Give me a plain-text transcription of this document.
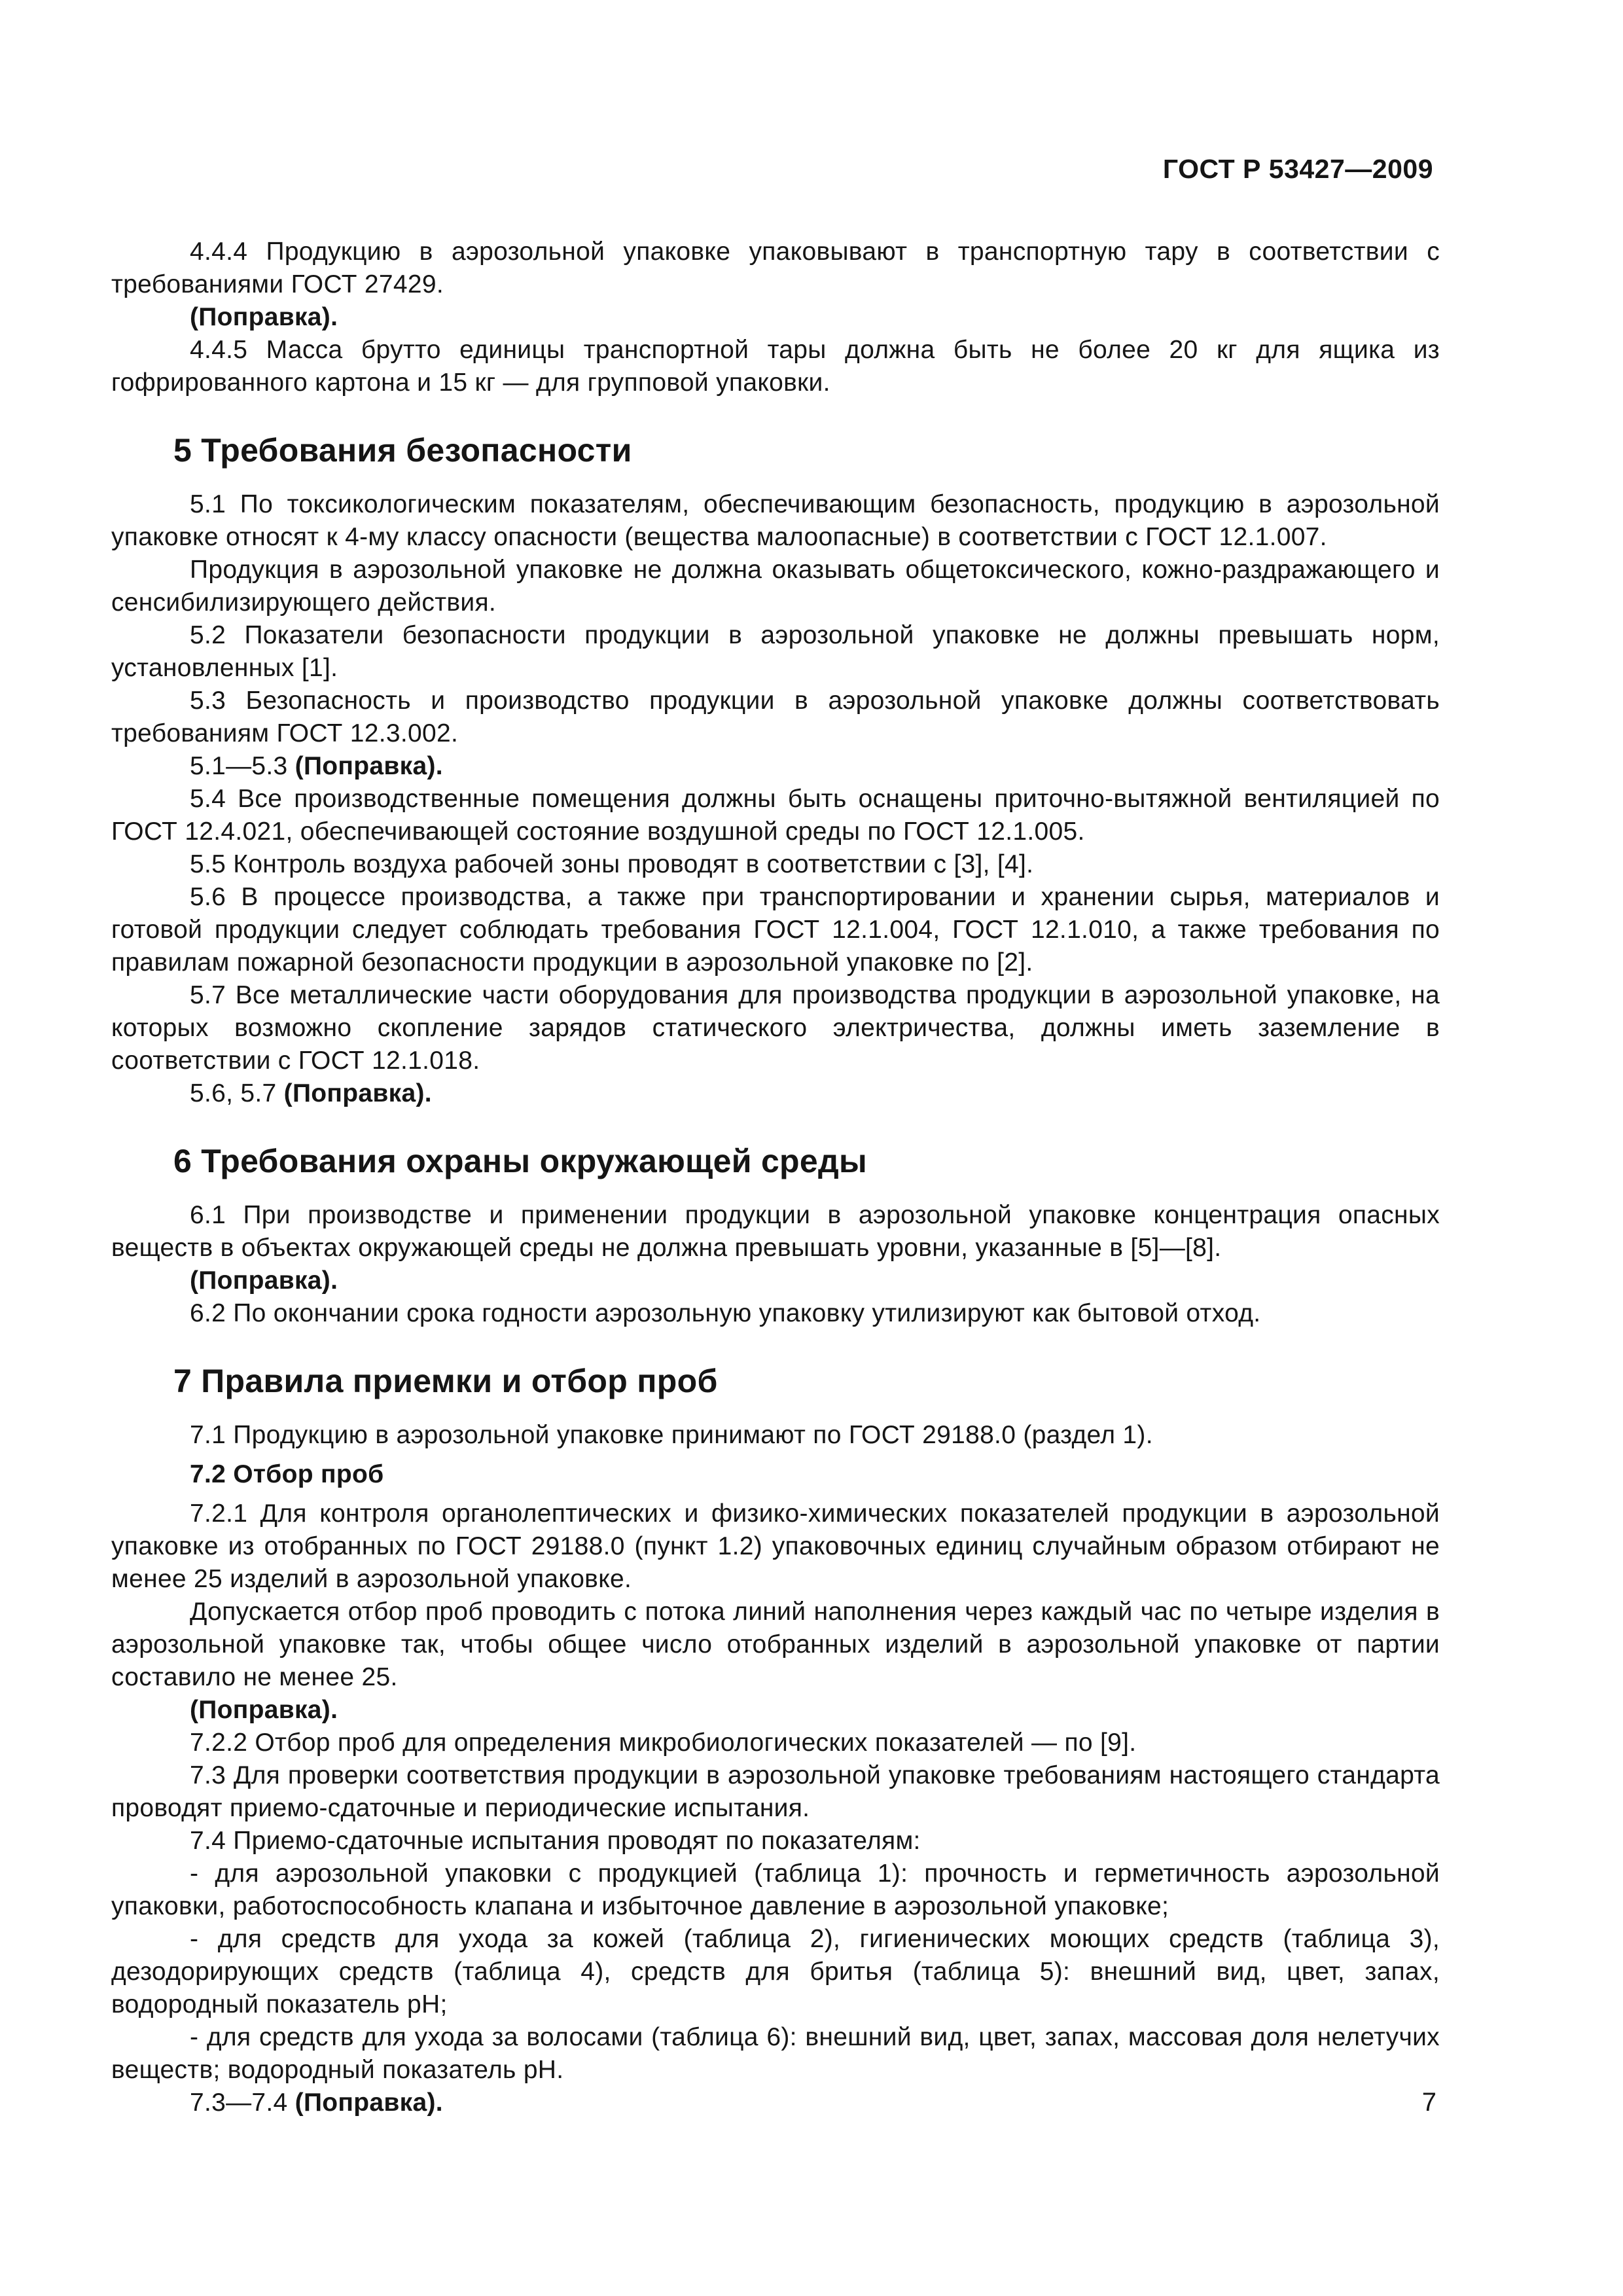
ГОСТ Р 53427—2009

4.4.4 Продукцию в аэрозольной упаковке упаковывают в транспортную тару в соответствии с требованиями ГОСТ 27429.

(Поправка).

4.4.5 Масса брутто единицы транспортной тары должна быть не более 20 кг для ящика из гофрированного картона и 15 кг — для групповой упаковки.

5 Требования безопасности

5.1 По токсикологическим показателям, обеспечивающим безопасность, продукцию в аэрозольной упаковке относят к 4-му классу опасности (вещества малоопасные) в соответствии с ГОСТ 12.1.007.

Продукция в аэрозольной упаковке не должна оказывать общетоксического, кожно-раздражающего и сенсибилизирующего действия.

5.2 Показатели безопасности продукции в аэрозольной упаковке не должны превышать норм, установленных [1].

5.3 Безопасность и производство продукции в аэрозольной упаковке должны соответствовать требованиям ГОСТ 12.3.002.

5.1—5.3 (Поправка).

5.4 Все производственные помещения должны быть оснащены приточно-вытяжной вентиляцией по ГОСТ 12.4.021, обеспечивающей состояние воздушной среды по ГОСТ 12.1.005.

5.5 Контроль воздуха рабочей зоны проводят в соответствии с [3], [4].

5.6 В процессе производства, а также при транспортировании и хранении сырья, материалов и готовой продукции следует соблюдать требования ГОСТ 12.1.004, ГОСТ 12.1.010, а также требования по правилам пожарной безопасности продукции в аэрозольной упаковке по [2].

5.7 Все металлические части оборудования для производства продукции в аэрозольной упаковке, на которых возможно скопление зарядов статического электричества, должны иметь заземление в соответствии с ГОСТ 12.1.018.

5.6, 5.7 (Поправка).

6 Требования охраны окружающей среды

6.1 При производстве и применении продукции в аэрозольной упаковке концентрация опасных веществ в объектах окружающей среды не должна превышать уровни, указанные в [5]—[8].

(Поправка).

6.2 По окончании срока годности аэрозольную упаковку утилизируют как бытовой отход.

7 Правила приемки и отбор проб

7.1 Продукцию в аэрозольной упаковке принимают по ГОСТ 29188.0 (раздел 1).

7.2 Отбор проб

7.2.1 Для контроля органолептических и физико-химических показателей продукции в аэрозольной упаковке из отобранных по ГОСТ 29188.0 (пункт 1.2) упаковочных единиц случайным образом отбирают не менее 25 изделий в аэрозольной упаковке.

Допускается отбор проб проводить с потока линий наполнения через каждый час по четыре изделия в аэрозольной упаковке так, чтобы общее число отобранных изделий в аэрозольной упаковке от партии составило не менее 25.

(Поправка).

7.2.2 Отбор проб для определения микробиологических показателей — по [9].

7.3 Для проверки соответствия продукции в аэрозольной упаковке требованиям настоящего стандарта проводят приемо-сдаточные и периодические испытания.

7.4 Приемо-сдаточные испытания проводят по показателям:

- для аэрозольной упаковки с продукцией (таблица 1): прочность и герметичность аэрозольной упаковки, работоспособность клапана и избыточное давление в аэрозольной упаковке;

- для средств для ухода за кожей (таблица 2), гигиенических моющих средств (таблица 3), дезодорирующих средств (таблица 4), средств для бритья (таблица 5): внешний вид, цвет, запах, водородный показатель pH;

- для средств для ухода за волосами (таблица 6): внешний вид, цвет, запах, массовая доля нелетучих веществ; водородный показатель pH.

7.3—7.4 (Поправка).	7
